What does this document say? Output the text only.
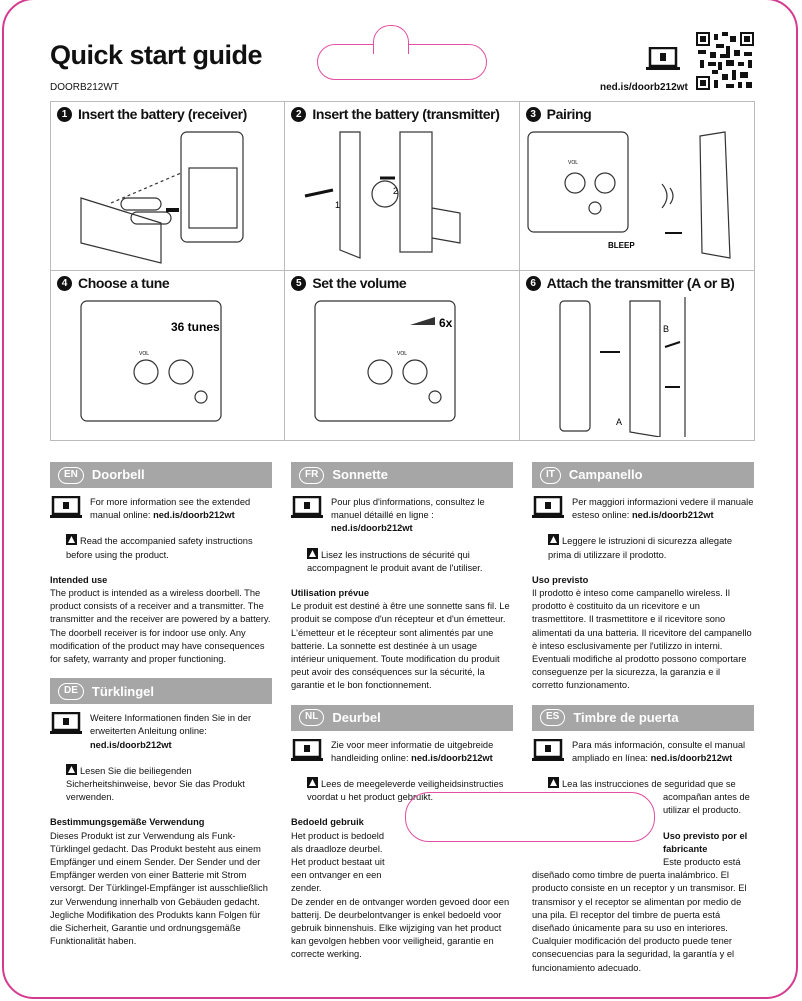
Quick start guide
DOORB212WT	ned.is/doorb212wt
1 Insert the battery (receiver)	2 Insert the battery (transmitter)
1
2
3 Pairing
VOL
BLEEP
4 Choose a tune
36 tunes
VOL
5 Set the volume
6x
VOL
6 Attach the transmitter (A or B)
B
A
EN	Doorbell
For more information see the extended manual online: ned.is/doorb212wt
Read the accompanied safety instructions before using the product.
Intended use
The product is intended as a wireless doorbell. The product consists of a receiver and a transmitter. The transmitter and the receiver are powered by a battery. The doorbell receiver is for indoor use only. Any modification of the product may have consequences for safety, warranty and proper functioning.
DE	Türklingel
Weitere Informationen finden Sie in der erweiterten Anleitung online: ned.is/doorb212wt
Lesen Sie die beiliegenden Sicherheitshinweise, bevor Sie das Produkt verwenden.
Bestimmungsgemäße Verwendung
Dieses Produkt ist zur Verwendung als Funk-Türklingel gedacht. Das Produkt besteht aus einem Empfänger und einem Sender. Der Sender und der Empfänger werden von einer Batterie mit Strom versorgt. Der Türklingel-Empfänger ist ausschließlich zur Verwendung innerhalb von Gebäuden gedacht. Jegliche Modifikation des Produkts kann Folgen für die Sicherheit, Garantie und ordnungsgemäße Funktionalität haben.
FR	Sonnette
Pour plus d'informations, consultez le manuel détaillé en ligne : ned.is/doorb212wt
Lisez les instructions de sécurité qui accompagnent le produit avant de l'utiliser.
Utilisation prévue
Le produit est destiné à être une sonnette sans fil. Le produit se compose d'un récepteur et d'un émetteur. L'émetteur et le récepteur sont alimentés par une batterie. La sonnette est destinée à un usage intérieur uniquement. Toute modification du produit peut avoir des conséquences sur la sécurité, la garantie et le bon fonctionnement.
NL	Deurbel
Zie voor meer informatie de uitgebreide handleiding online: ned.is/doorb212wt
Lees de meegeleverde veiligheidsinstructies voordat u het product gebruikt.
Bedoeld gebruik
Het product is bedoeld als draadloze deurbel. Het product bestaat uit een ontvanger en een zender.
De zender en de ontvanger worden gevoed door een batterij. De deurbelontvanger is enkel bedoeld voor gebruik binnenshuis. Elke wijziging van het product kan gevolgen hebben voor veiligheid, garantie en correcte werking.
IT	Campanello
Per maggiori informazioni vedere il manuale esteso online: ned.is/doorb212wt
Leggere le istruzioni di sicurezza allegate prima di utilizzare il prodotto.
Uso previsto
Il prodotto è inteso come campanello wireless. Il prodotto è costituito da un ricevitore e un trasmettitore. Il trasmettitore e il ricevitore sono alimentati da una batteria. Il ricevitore del campanello è inteso esclusivamente per l'utilizzo in interni. Eventuali modifiche al prodotto possono comportare conseguenze per la sicurezza, la garanzia e il corretto funzionamento.
ES	Timbre de puerta
Para más información, consulte el manual ampliado en línea: ned.is/doorb212wt
Lea las instrucciones de seguridad que se
acompañan antes de utilizar el producto.
Uso previsto por el fabricante
Este producto está
diseñado como timbre de puerta inalámbrico. El producto consiste en un receptor y un transmisor. El transmisor y el receptor se alimentan por medio de una pila. El receptor del timbre de puerta está diseñado únicamente para su uso en interiores. Cualquier modificación del producto puede tener consecuencias para la seguridad, la garantía y el funcionamiento adecuado.
